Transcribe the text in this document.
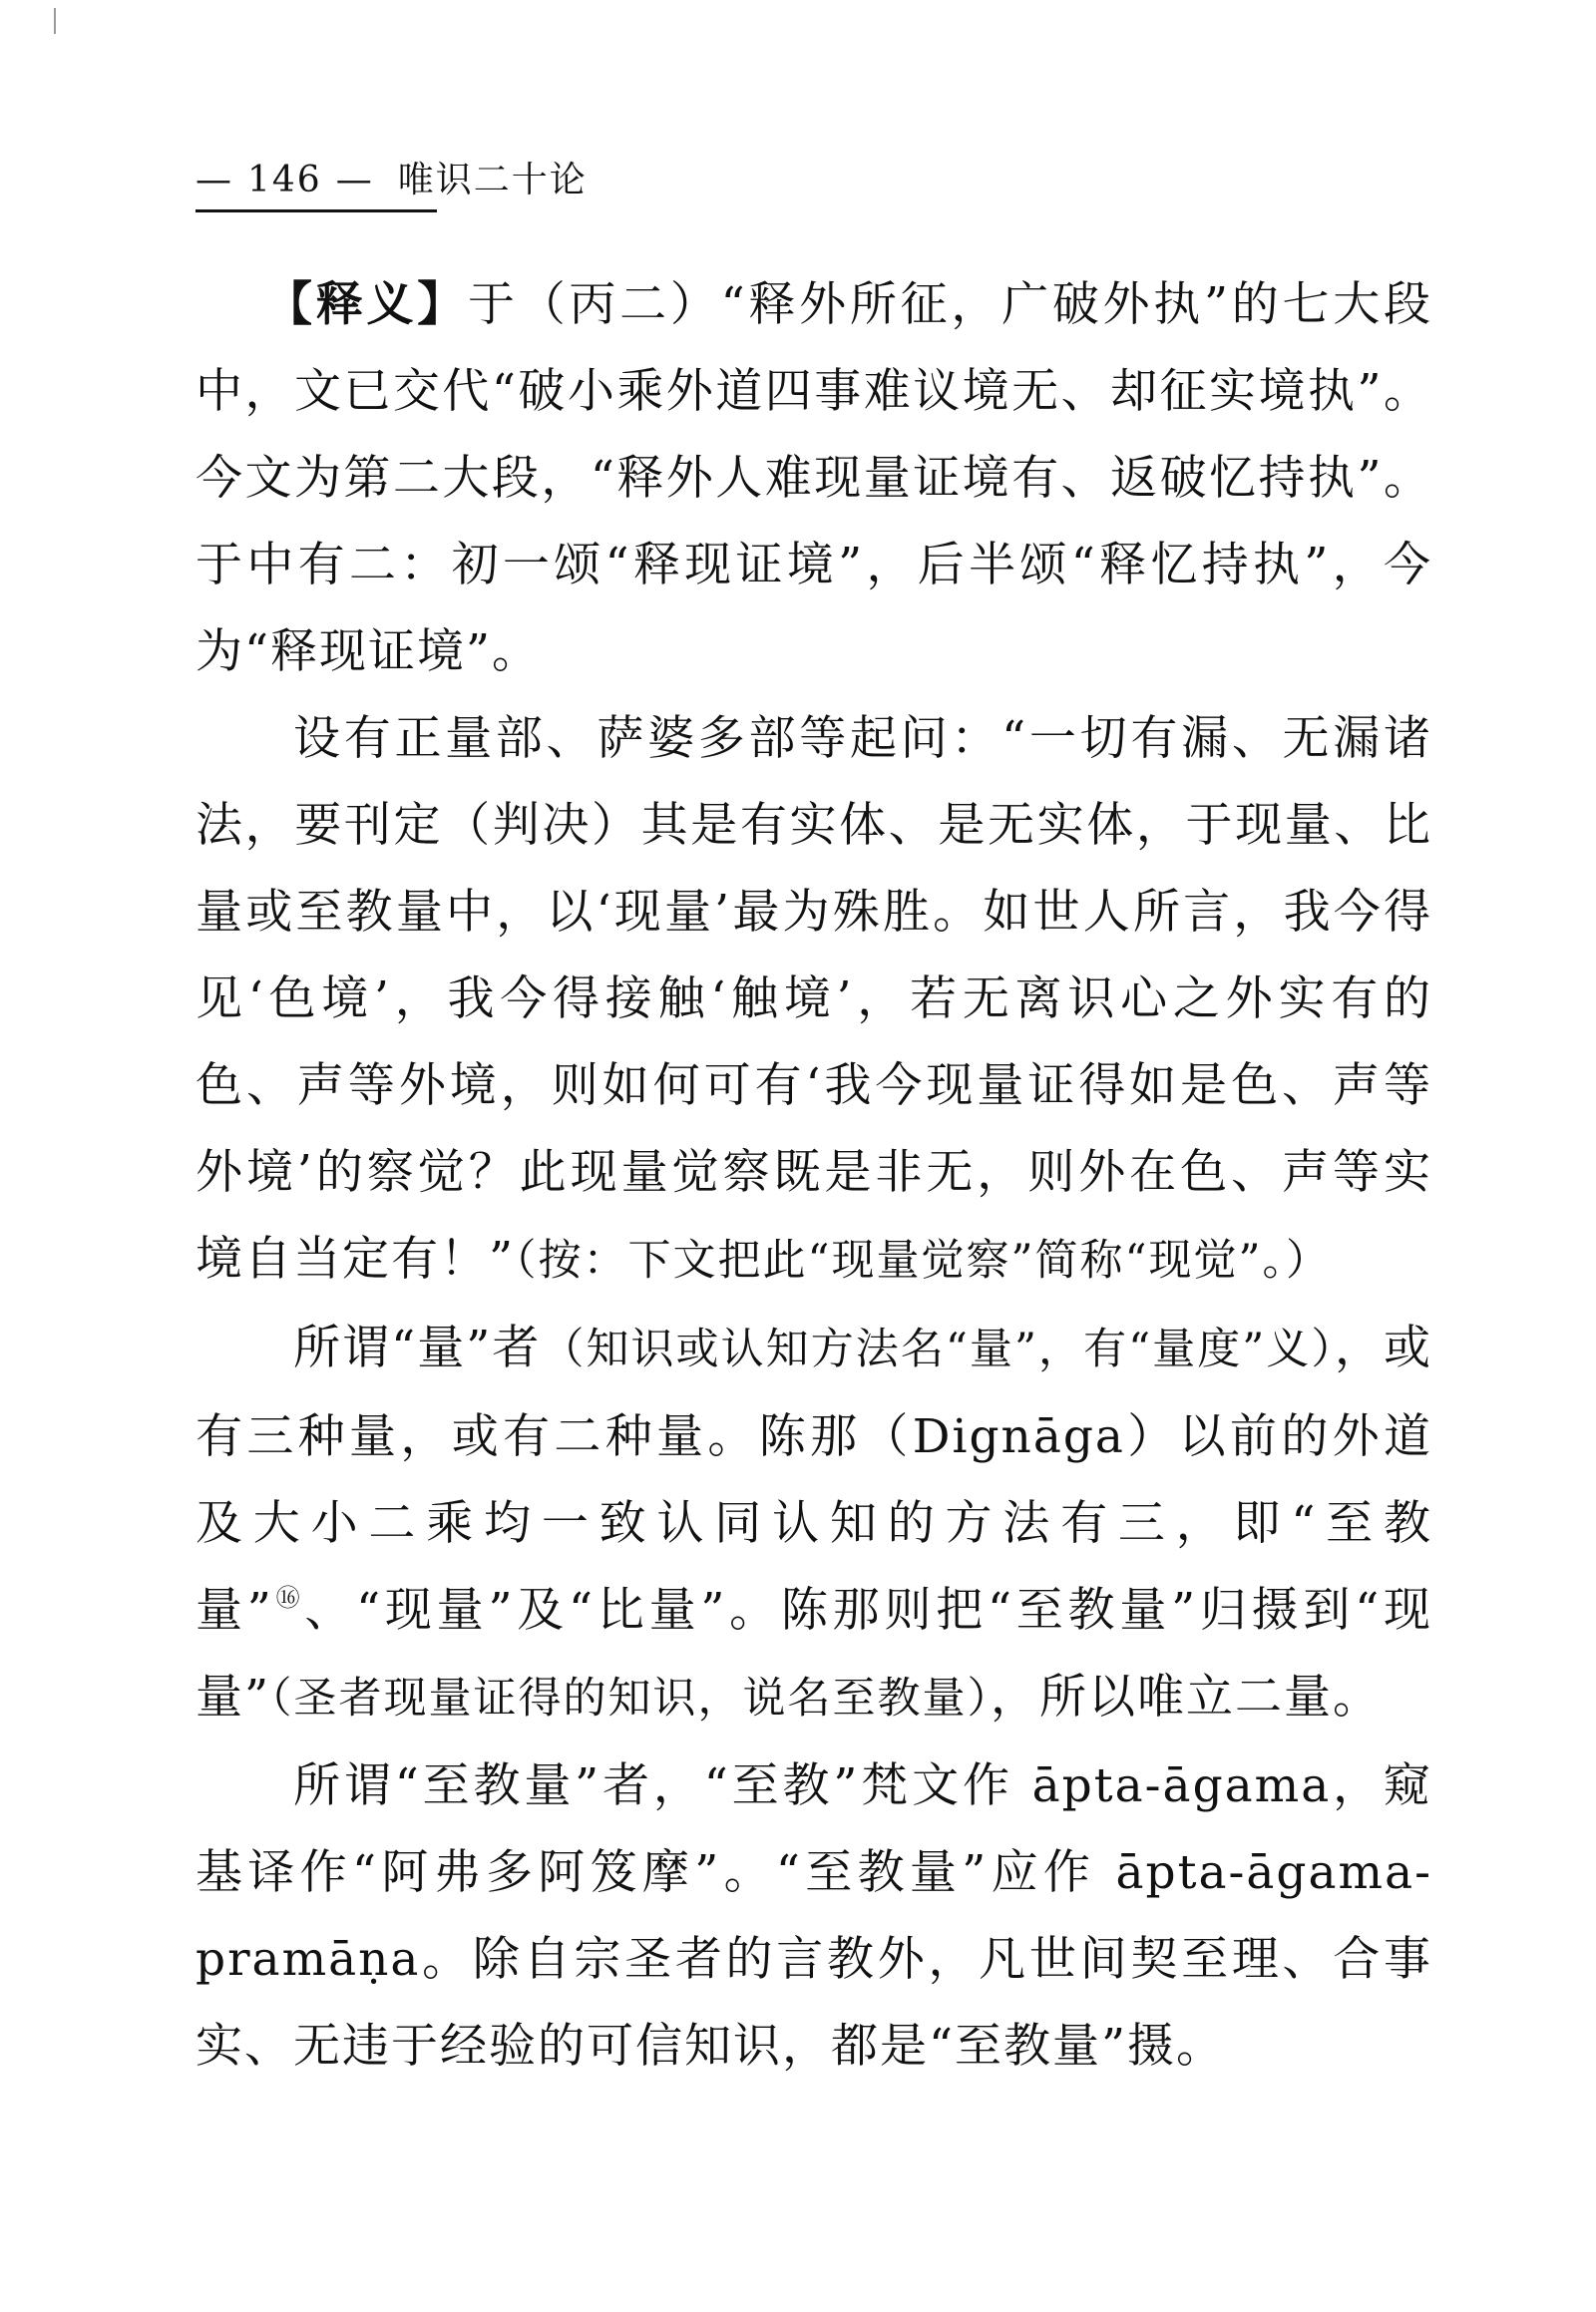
— 146 — 唯识二十论

【释义】于（丙二）“释外所征，广破外执”的七大段中，文已交代“破小乘外道四事难议境无、却征实境执”。今文为第二大段，“释外人难现量证境有、返破忆持执”。于中有二：初一颂“释现证境”，后半颂“释忆持执”，今为“释现证境”。

设有正量部、萨婆多部等起问：“一切有漏、无漏诸法，要刊定（判决）其是有实体、是无实体，于现量、比量或至教量中，以‘现量’最为殊胜。如世人所言，我今得见‘色境’，我今得接触‘触境’，若无离识心之外实有的色、声等外境，则如何可有‘我今现量证得如是色、声等外境’的察觉？此现量觉察既是非无，则外在色、声等实境自当定有！”（按：下文把此“现量觉察”简称“现觉”。）

所谓“量”者（知识或认知方法名“量”，有“量度”义），或有三种量，或有二种量。陈那（Dignāga）以前的外道及大小二乘均一致认同认知的方法有三，即“至教量”⑯、“现量”及“比量”。陈那则把“至教量”归摄到“现量”（圣者现量证得的知识，说名至教量），所以唯立二量。

所谓“至教量”者，“至教”梵文作 āpta-āgama，窥基译作“阿弗多阿笈摩”。“至教量”应作 āpta-āgama-pramāṇa。除自宗圣者的言教外，凡世间契至理、合事实、无违于经验的可信知识，都是“至教量”摄。
